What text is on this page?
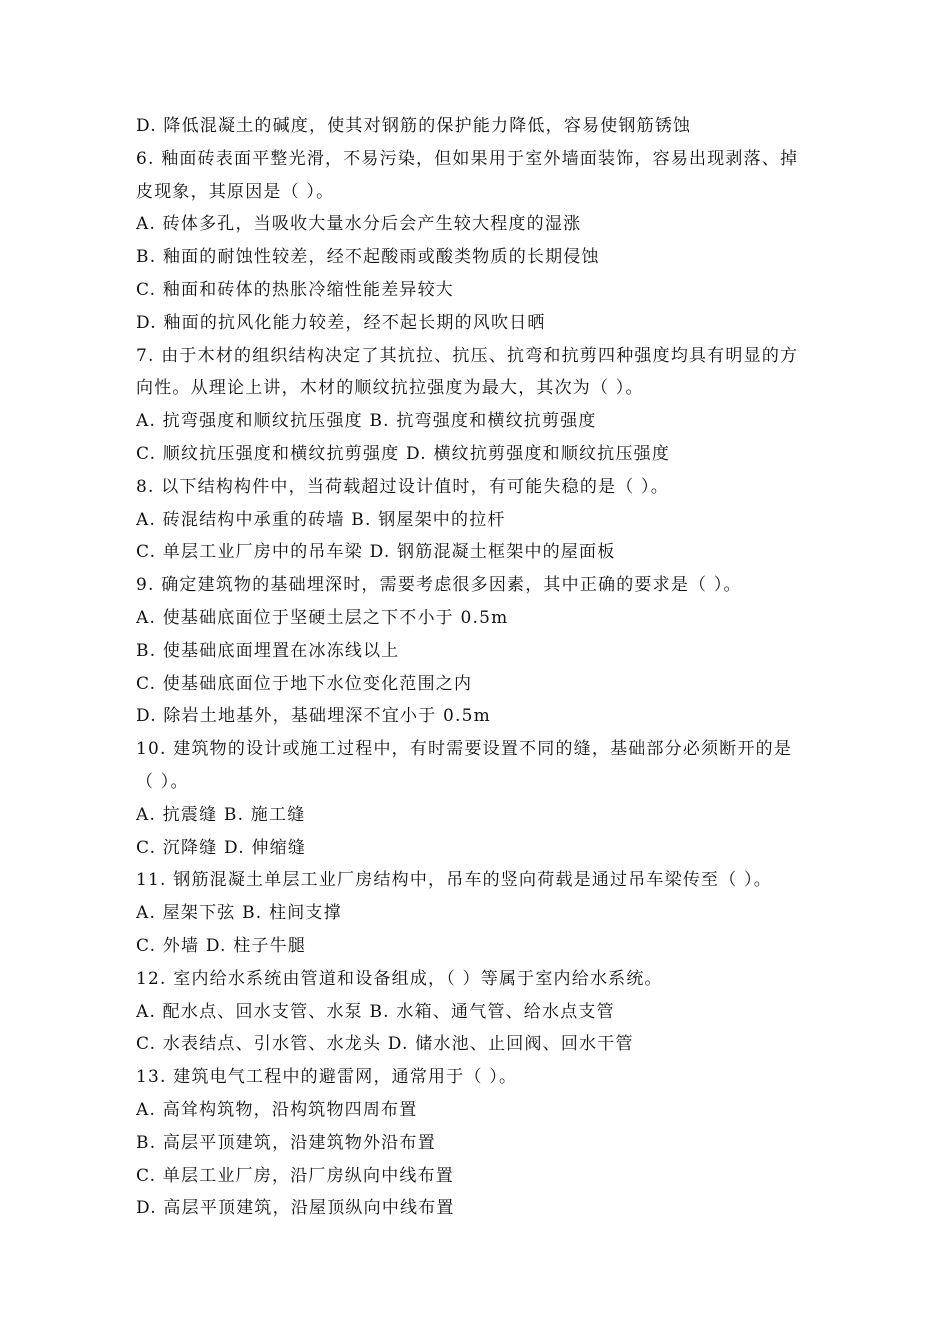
D. 降低混凝土的碱度，使其对钢筋的保护能力降低，容易使钢筋锈蚀
6. 釉面砖表面平整光滑，不易污染，但如果用于室外墙面装饰，容易出现剥落、掉
皮现象，其原因是（ ）。
A. 砖体多孔，当吸收大量水分后会产生较大程度的湿涨
B. 釉面的耐蚀性较差，经不起酸雨或酸类物质的长期侵蚀
C. 釉面和砖体的热胀冷缩性能差异较大
D. 釉面的抗风化能力较差，经不起长期的风吹日晒
7. 由于木材的组织结构决定了其抗拉、抗压、抗弯和抗剪四种强度均具有明显的方
向性。从理论上讲，木材的顺纹抗拉强度为最大，其次为（ ）。
A. 抗弯强度和顺纹抗压强度 B. 抗弯强度和横纹抗剪强度
C. 顺纹抗压强度和横纹抗剪强度 D. 横纹抗剪强度和顺纹抗压强度
8. 以下结构构件中，当荷载超过设计值时，有可能失稳的是（ ）。
A. 砖混结构中承重的砖墙 B. 钢屋架中的拉杆
C. 单层工业厂房中的吊车梁 D. 钢筋混凝土框架中的屋面板
9. 确定建筑物的基础埋深时，需要考虑很多因素，其中正确的要求是（ ）。
A. 使基础底面位于坚硬土层之下不小于 0.5m
B. 使基础底面埋置在冰冻线以上
C. 使基础底面位于地下水位变化范围之内
D. 除岩土地基外，基础埋深不宜小于 0.5m
10. 建筑物的设计或施工过程中，有时需要设置不同的缝，基础部分必须断开的是
（ ）。
A. 抗震缝 B. 施工缝
C. 沉降缝 D. 伸缩缝
11. 钢筋混凝土单层工业厂房结构中，吊车的竖向荷载是通过吊车梁传至（ ）。
A. 屋架下弦 B. 柱间支撑
C. 外墙 D. 柱子牛腿
12. 室内给水系统由管道和设备组成，（ ）等属于室内给水系统。
A. 配水点、回水支管、水泵 B. 水箱、通气管、给水点支管
C. 水表结点、引水管、水龙头 D. 储水池、止回阀、回水干管
13. 建筑电气工程中的避雷网，通常用于（ ）。
A. 高耸构筑物，沿构筑物四周布置
B. 高层平顶建筑，沿建筑物外沿布置
C. 单层工业厂房，沿厂房纵向中线布置
D. 高层平顶建筑，沿屋顶纵向中线布置
